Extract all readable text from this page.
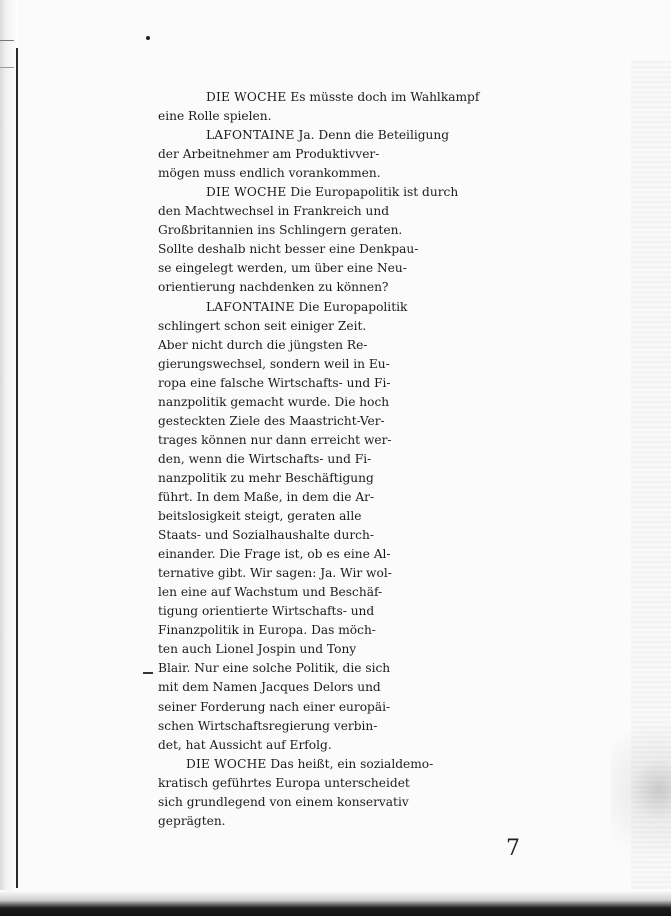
DIE WOCHE Es müsste doch im Wahlkampf
eine Rolle spielen.
LAFONTAINE Ja. Denn die Beteiligung
der Arbeitnehmer am Produktivver-
mögen muss endlich vorankommen.
DIE WOCHE Die Europapolitik ist durch
den Machtwechsel in Frankreich und
Großbritannien ins Schlingern geraten.
Sollte deshalb nicht besser eine Denkpau-
se eingelegt werden, um über eine Neu-
orientierung nachdenken zu können?
LAFONTAINE Die Europapolitik
schlingert schon seit einiger Zeit.
Aber nicht durch die jüngsten Re-
gierungswechsel, sondern weil in Eu-
ropa eine falsche Wirtschafts- und Fi-
nanzpolitik gemacht wurde. Die hoch
gesteckten Ziele des Maastricht-Ver-
trages können nur dann erreicht wer-
den, wenn die Wirtschafts- und Fi-
nanzpolitik zu mehr Beschäftigung
führt. In dem Maße, in dem die Ar-
beitslosigkeit steigt, geraten alle
Staats- und Sozialhaushalte durch-
einander. Die Frage ist, ob es eine Al-
ternative gibt. Wir sagen: Ja. Wir wol-
len eine auf Wachstum und Beschäf-
tigung orientierte Wirtschafts- und
Finanzpolitik in Europa. Das möch-
ten auch Lionel Jospin und Tony
Blair. Nur eine solche Politik, die sich
mit dem Namen Jacques Delors und
seiner Forderung nach einer europäi-
schen Wirtschaftsregierung verbin-
det, hat Aussicht auf Erfolg.
DIE WOCHE Das heißt, ein sozialdemo-
kratisch geführtes Europa unterscheidet
sich grundlegend von einem konservativ
geprägten.
7
